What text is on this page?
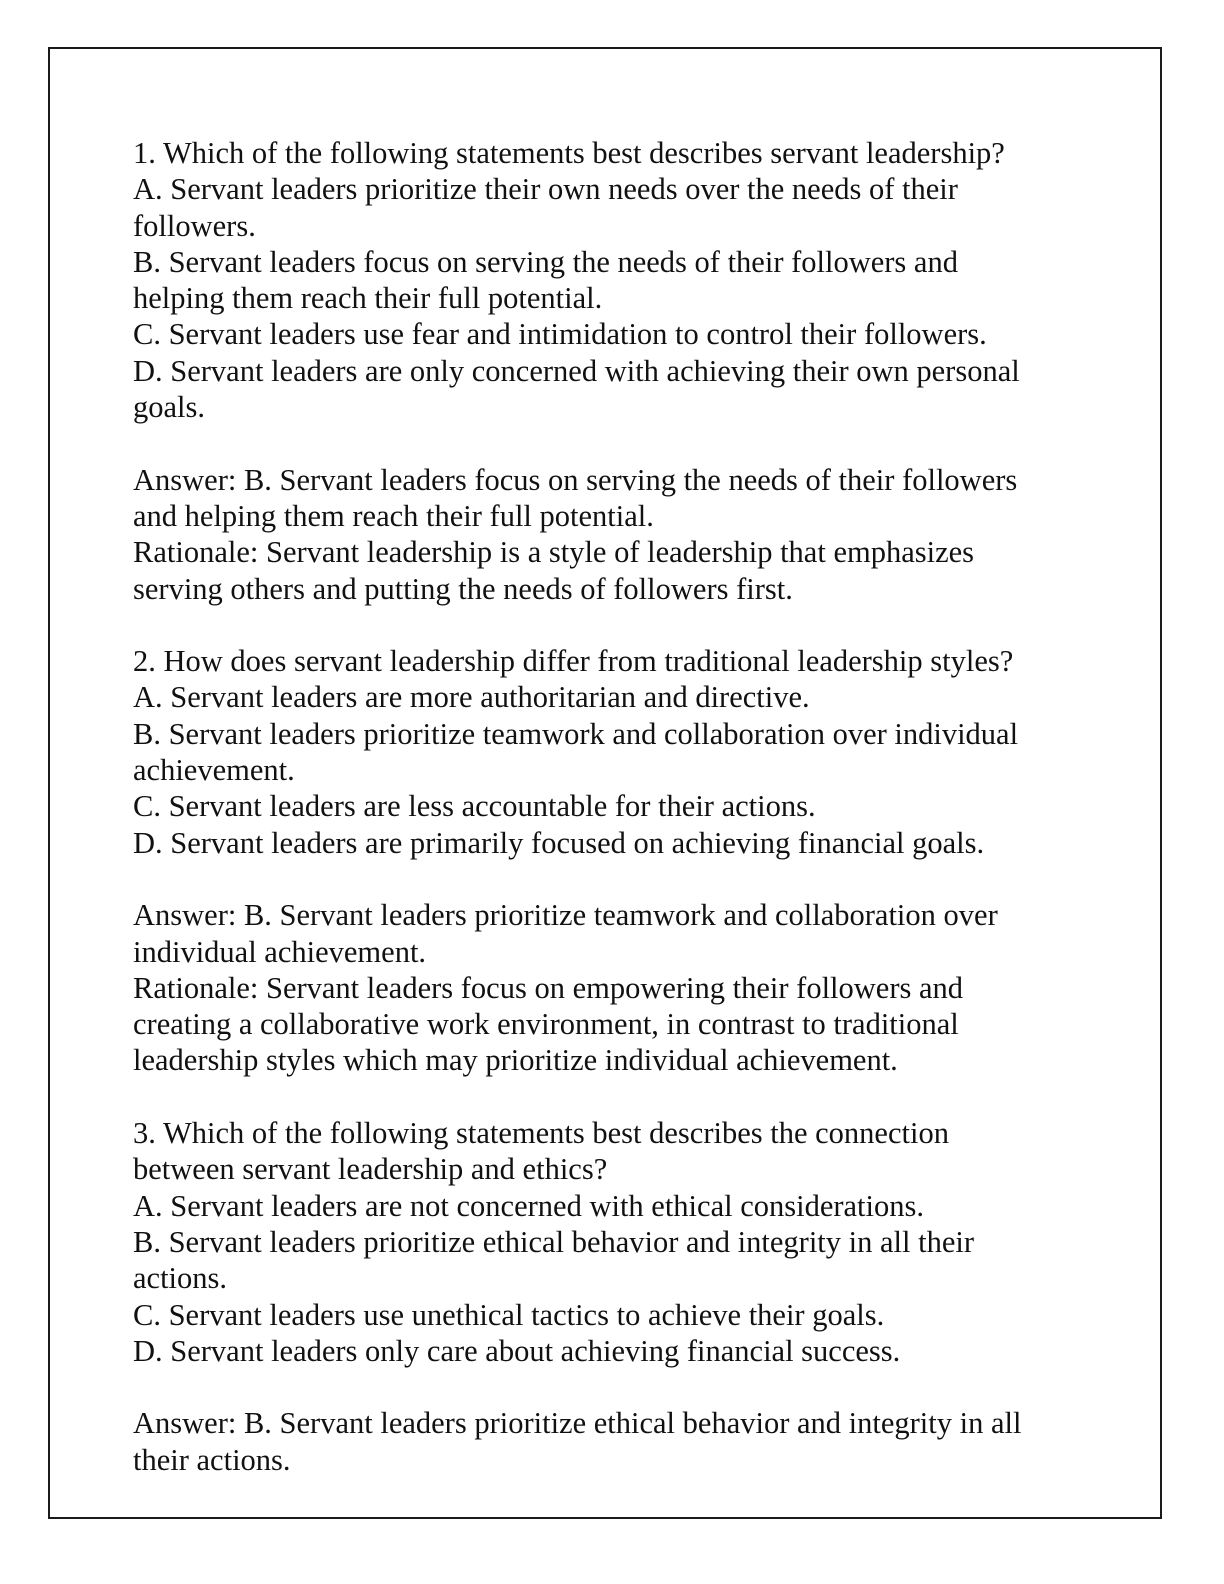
1. Which of the following statements best describes servant leadership?
A. Servant leaders prioritize their own needs over the needs of their
followers.
B. Servant leaders focus on serving the needs of their followers and
helping them reach their full potential.
C. Servant leaders use fear and intimidation to control their followers.
D. Servant leaders are only concerned with achieving their own personal
goals.
Answer: B. Servant leaders focus on serving the needs of their followers
and helping them reach their full potential.
Rationale: Servant leadership is a style of leadership that emphasizes
serving others and putting the needs of followers first.
2. How does servant leadership differ from traditional leadership styles?
A. Servant leaders are more authoritarian and directive.
B. Servant leaders prioritize teamwork and collaboration over individual
achievement.
C. Servant leaders are less accountable for their actions.
D. Servant leaders are primarily focused on achieving financial goals.
Answer: B. Servant leaders prioritize teamwork and collaboration over
individual achievement.
Rationale: Servant leaders focus on empowering their followers and
creating a collaborative work environment, in contrast to traditional
leadership styles which may prioritize individual achievement.
3. Which of the following statements best describes the connection
between servant leadership and ethics?
A. Servant leaders are not concerned with ethical considerations.
B. Servant leaders prioritize ethical behavior and integrity in all their
actions.
C. Servant leaders use unethical tactics to achieve their goals.
D. Servant leaders only care about achieving financial success.
Answer: B. Servant leaders prioritize ethical behavior and integrity in all
their actions.
